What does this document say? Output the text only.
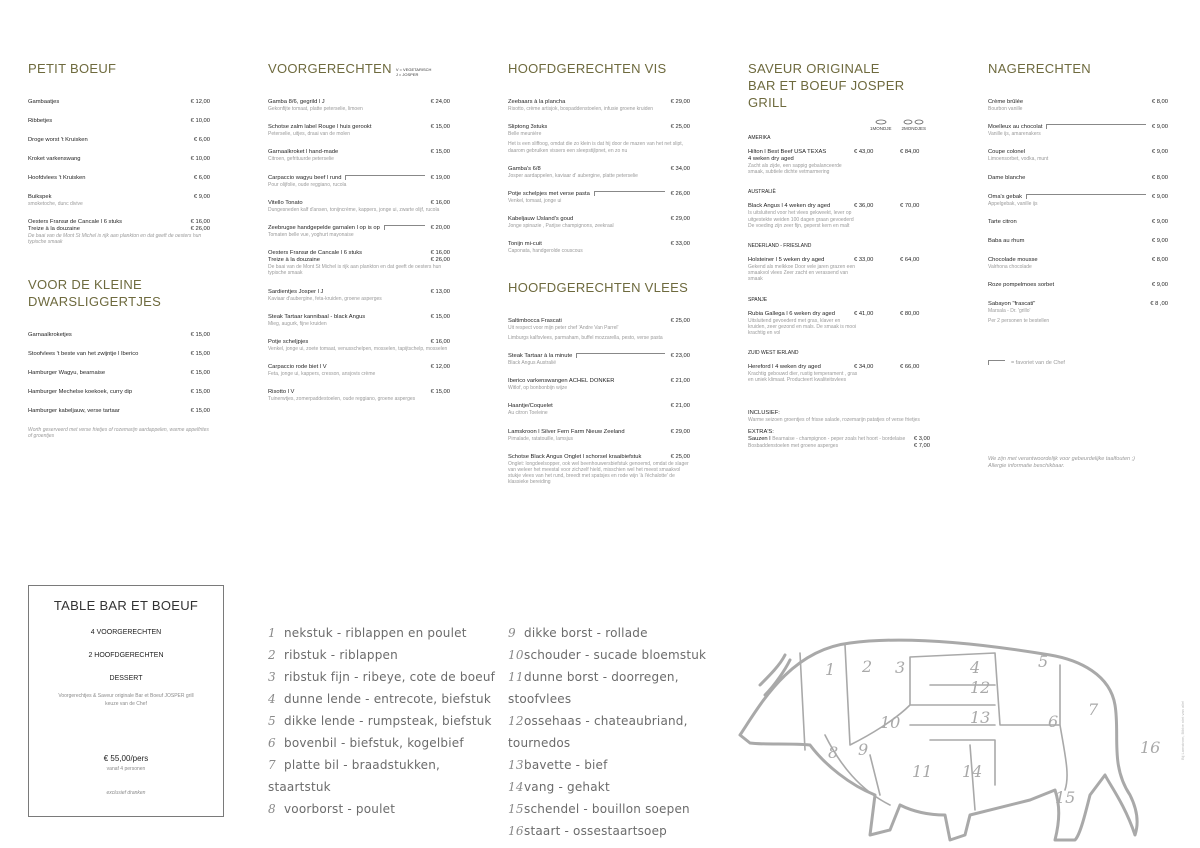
PETIT BOEUF
Gambaatjes	€ 12,00
Ribbetjes	€ 10,00
Droge worst 't Kruisken	€ 6,00
Kroket varkenswang	€ 10,00
Hoofdvlees 't Kruisken	€ 6,00
Buikspek	€ 9,00
smoketoche, dunc divive
Oesters Fransø de Cancale l 6 stuks	€ 16,00
Treize à la douzaine	€ 26,00
De baai van de Mont St Michel is rijk aan plankton en dat geeft de oesters hun typische smaak
VOOR DE KLEINE DWARSLIGGERTJES
Garnaalkroketjes	€ 15,00
Stoofvlees 't beste van het zwijntje l Iberico	€ 15,00
Hamburger Wagyu, bearnaise	€ 15,00
Hamburger Mechelse koekoek, curry dip	€ 15,00
Hamburger kabeljauw, verse tartaar	€ 15,00
Worth geserveerd met verse frietjes of rozemarijn aardappelen, warme appelfrites of groentjes
TABLE BAR ET BOEUF
4 VOORGERECHTEN
2 HOOFDGERECHTEN
DESSERT
Voorgerechtjes & Saveur originale Bar et Boeuf JOSPER grill
keuze van de Chef
€ 55,00/pers
vanaf 4 personen
exclusief dranken
VOORGERECHTEN V = VEGETARISCH
J = JOSPER
Gamba 8/6, gegrild l J	€ 24,00
Gekonfijte tomaat, platte peterselie, limoen
Schotse zalm label Rouge l huis gerookt	€ 15,00
Peterselie, uitjes, draai van de molen
Garnaalkroket l hand-made	€ 15,00
Citroen, gefrituurde peterselie
Carpaccio wagyu beef l rund	€ 19,00
Pour olijfolie, oude reggiano, rucola
Vitello Tonato	€ 16,00
Dungesneden kalf d'ansen, tonijncrème, kappers, jonge ui, zwarte olijf, rucola
Zeebrugse handgepelde garnalen l op is op	€ 20,00
Tomaten belle vue, yoghurt mayonaise
Oesters Fransø de Cancale l 6 stuks	€ 16,00
Treize à la douzaine	€ 26,00
De baai van de Mont St Michel is rijk aan plankton en dat geeft de oesters hun typische smaak
Sardientjes Josper l J	€ 13,00
Kaviaar d'aubergine, feta-kruiden, groene asperges
Steak Tartaar kannibaal - black Angus	€ 15,00
Mieg, augurk, fijne kruiden
Potje scheljpjes	€ 16,00
Venkel, jonge ui, zoete tomaat, venusschelpen, mosselen, tapijtschelp, mosselen
Carpaccio rode biet l V	€ 12,00
Feta, jonge ui, kappers, cresson, ansjovis crème
Risotto l V	€ 15,00
Tuinerwtjes, zomerpaddestoelen, oude reggiano, groene asperges
1 nekstuk - riblappen en poulet
2 ribstuk - riblappen
3 ribstuk fijn - ribeye, cote de boeuf
4 dunne lende - entrecote, biefstuk
5 dikke lende - rumpsteak, biefstuk
6 bovenbil - biefstuk, kogelbief
7 platte bil - braadstukken, staartstuk
8 voorborst - poulet
9 dikke borst - rollade
10schouder - sucade bloemstuk
11dunne borst - doorregen, stoofvlees
12ossehaas - chateaubriand, tournedos
13bavette - bief
14vang - gehakt
15schendel - bouillon soepen
16staart - ossestaartsoep
HOOFDGERECHTEN VIS
Zeebaars à la plancha	€ 29,00
Risotto, crème artisjok, bospaddenstoelen, infusie groene kruiden
Sliptong 3stuks	€ 25,00
Belle meunière
Het is een sliffoog, omdat die zo klein is dat hij door de mazen van het net slipt, daarom gebruiken vissers een sleepstijlpnet, en zo nu
Gamba's 6/8	€ 34,00
Josper aardappelen, kaviaar d' aubergine, platte peterselie
Potje schelpjes met verse pasta	€ 26,00
Venkel, tomaat, jonge ui
Kabeljauw IJsland's goud	€ 29,00
Jonge spinazie , Parijse champignons, zeekraal
Tonijn mi-cuit	€ 33,00
Caponata, handgerolde couscous
HOOFDGERECHTEN VLEES
Saltimbocca Frascati	€ 25,00
Uit respect voor mijn peter chef 'Andre Van Parrel'
Limburgs kalfsvlees, parmaham, buffel mozzarella, pesto, verse pasta
Steak Tartaar à la minute	€ 23,00
Black Angus Australië
Iberico varkenswangen ACHEL DONKER	€ 21,00
Witlof, op bonbonbijn wijze
Haantje/Coquelet	€ 21,00
Au citron Toeleine
Lamskroon l Silver Fern Farm Nieuw Zeeland	€ 29,00
Pimalade, ratatouille, lamsjus
Schotse Black Angus Onglet l schorsel kraaibiefstuk	€ 25,00
Onglet: longdeelsopper, ook wel beenhouwersbiefstuk genoemd, omdat de slager van weleer het meestal voor zichzelf hield, misschien wel het meest smaakvol stukje vlees van het rund, breedt met spatsjes en rode wijn 'à l'échalotte' de klassieke bereiding
SAVEUR ORIGINALE
BAR ET BOEUF JOSPER GRILL

1MONDJE 2MONDJES
AMERIKA
Hilton l Best Beef USA TEXAS	€ 43,00	€ 84,00
4 weken dry aged
Zacht als zijde, een sappig gebalanceerde smaak, subtiele dichte vetmarmering
AUSTRALIË
Black Angus l 4 weken dry aged	€ 36,00	€ 70,00
Is uitsluitend voor het vlees gekweekt, lever op uitgestekte weiden 100 dagen graan gevoederd De voeding zijn zeer fijn, geperst kern en malt
NEDERLAND - FRIESLAND
Holsteiner l 5 weken dry aged	€ 33,00	€ 64,00
Gekend als melkkoe Door vele jaren grazen een smaakvol vlees Zeer zacht en verassend van smaak
SPANJE
Rubia Gallega l 6 weken dry aged	€ 41,00	€ 80,00
Uitsluitend gevoederd met gras, klaver en kruiden, zeer gezond en mals. De smaak is mooi krachtig en vol
ZUID WEST IERLAND
Hereford l 4 weken dry aged	€ 34,00	€ 66,00
Krachtig gebouwd dier, rustig temperament , gras en uniek klimaat. Producteert kwaliteitsvlees
INCLUSIEF:
Warme seizoen groentjes of frisse salade, rozemarijn patatjes of verse frietjes
EXTRA'S:
Sauzen l Bearnaise - champignon - peper zoals het hoort - bordelaise € 3,00
Bosbaddenstoelen met groene asperges	€ 7,00
NAGERECHTEN
Crème brûlée	€ 8,00
Bourbon vanille
Moelleux au chocolat	€ 9,00
Vanille ijs, amarenakers
Coupe colonel	€ 9,00
Limoensorbet, vodka, munt
Dame blanche	€ 8,00
Oma's gebak	€ 9,00
Appelgebak, vanille ijs
Tarte citron	€ 9,00
Baba au rhum	€ 9,00
Chocolade mousse	€ 8,00
Valrhona chocolade
Roze pompelmoes sorbet	€ 9,00
Sabayon "frascati"	€ 8 ,00
Marsala - Dr. 'grillo'
Per 2 personen te bestellen
= favoriet van de Chef
We zijn met verantwoordelijk voor gebeurdelijke taalfouten ;)
Allergie informatie beschikbaar.
1 2 3	4	5
6
7
8 9
10
11
12
13
14
15
16	Bij Lamstrom, Bibbe niet van alle!
